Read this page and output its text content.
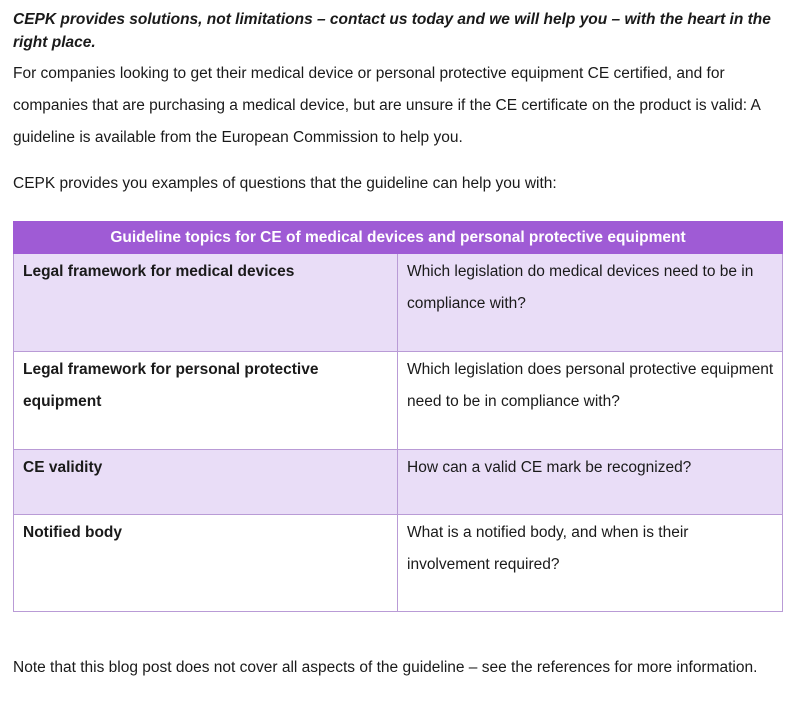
CEPK provides solutions, not limitations – contact us today and we will help you – with the heart in the right place.

For companies looking to get their medical device or personal protective equipment CE certified, and for companies that are purchasing a medical device, but are unsure if the CE certificate on the product is valid: A guideline is available from the European Commission to help you.

CEPK provides you examples of questions that the guideline can help you with:

Guideline topics for CE of medical devices and personal protective equipment	
Legal framework for medical devices	Which legislation do medical devices need to be in compliance with?
Legal framework for personal protective equipment	Which legislation does personal protective equipment need to be in compliance with?
CE validity	How can a valid CE mark be recognized?
Notified body	What is a notified body, and when is their involvement required?

Note that this blog post does not cover all aspects of the guideline – see the references for more information.
